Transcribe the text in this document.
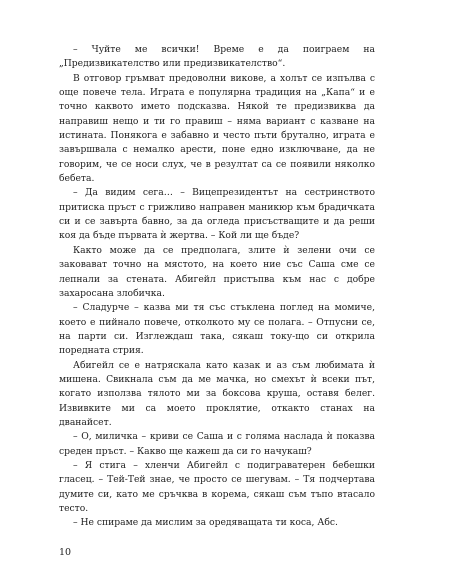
– Чуйте ме всички! Време е да поиграем на „Предизвикателство или предизвикателство“.

В отговор гръмват предоволни викове, а холът се изпълва с още повече тела. Играта е популярна традиция на „Капа“ и е точно каквото името подсказва. Някой те предизвиква да направиш нещо и ти го правиш – няма вариант с казване на истината. Понякога е забавно и често пъти брутално, играта е завършвала с немалко арести, поне едно изключване, да не говорим, че се носи слух, че в резултат са се появили няколко бебета.

– Да видим сега… – Вицепрезидентът на сестринството притиска пръст с грижливо направен маникюр към брадичката си и се завърта бавно, за да огледа присъстващите и да реши коя да бъде първата ѝ жертва. – Кой ли ще бъде?

Както може да се предполага, злите ѝ зелени очи се заковават точно на мястото, на което ние със Саша сме се лепнали за стената. Абигейл пристъпва към нас с добре захаросана злобичка.

– Сладурче – казва ми тя със стъклена поглед на момиче, което е пийнало повече, отколкото му се полага. – Отпусни се, на парти си. Изглеждаш така, сякаш току-що си открила поредната стрия.

Абигейл се е натряскала като казак и аз съм любимата ѝ мишена. Свикнала съм да ме мачка, но смехът ѝ всеки път, когато използва тялото ми за боксова круша, оставя белег. Извивките ми са моето проклятие, откакто станах на дванайсет.

– О, миличка – криви се Саша и с голяма наслада ѝ показва среден пръст. – Какво ще кажеш да си го начукаш?

– Я стига – хленчи Абигейл с подиграватерен бебешки гласец. – Тей-Тей знае, че просто се шегувам. – Тя подчертава думите си, като ме сръчква в корема, сякаш съм тъпо втасало тесто.

– Не спираме да мислим за оредяващата ти коса, Абс.

10
